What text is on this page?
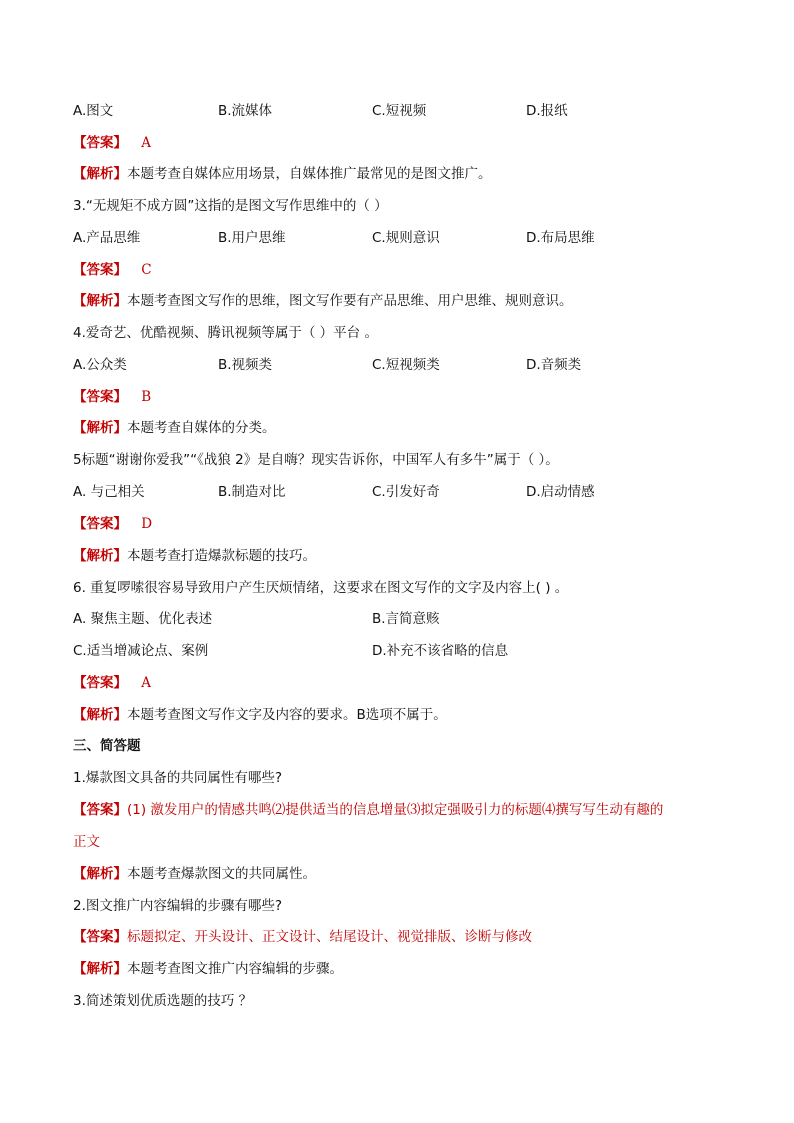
A.图文	B.流媒体	C.短视频	D.报纸
【答案】 A
【解析】本题考查自媒体应用场景，自媒体推广最常见的是图文推广。
3.“无规矩不成方圆”这指的是图文写作思维中的（ ）
A.产品思维	B.用户思维	C.规则意识	D.布局思维
【答案】 C
【解析】本题考查图文写作的思维，图文写作要有产品思维、用户思维、规则意识。
4.爱奇艺、优酷视频、腾讯视频等属于（ ）平台 。
A.公众类	B.视频类	C.短视频类	D.音频类
【答案】 B
【解析】本题考查自媒体的分类。
5标题“谢谢你爱我”“《战狼 2》是自嗨？现实告诉你，中国军人有多牛”属于（ ）。
A. 与己相关	B.制造对比	C.引发好奇	D.启动情感
【答案】 D
【解析】本题考查打造爆款标题的技巧。
6. 重复啰嗦很容易导致用户产生厌烦情绪，这要求在图文写作的文字及内容上( ) 。
A. 聚焦主题、优化表述	B.言简意赅
C.适当增减论点、案例	D.补充不该省略的信息
【答案】 A
【解析】本题考查图文写作文字及内容的要求。B选项不属于。
三、简答题
1.爆款图文具备的共同属性有哪些?
【答案】(1) 激发用户的情感共鸣⑵提供适当的信息增量⑶拟定强吸引力的标题⑷撰写写生动有趣的
正文
【解析】本题考查爆款图文的共同属性。
2.图文推广内容编辑的步骤有哪些?
【答案】标题拟定、开头设计、正文设计、结尾设计、视觉排版、诊断与修改
【解析】本题考查图文推广内容编辑的步骤。
3.简述策划优质选题的技巧 ？
